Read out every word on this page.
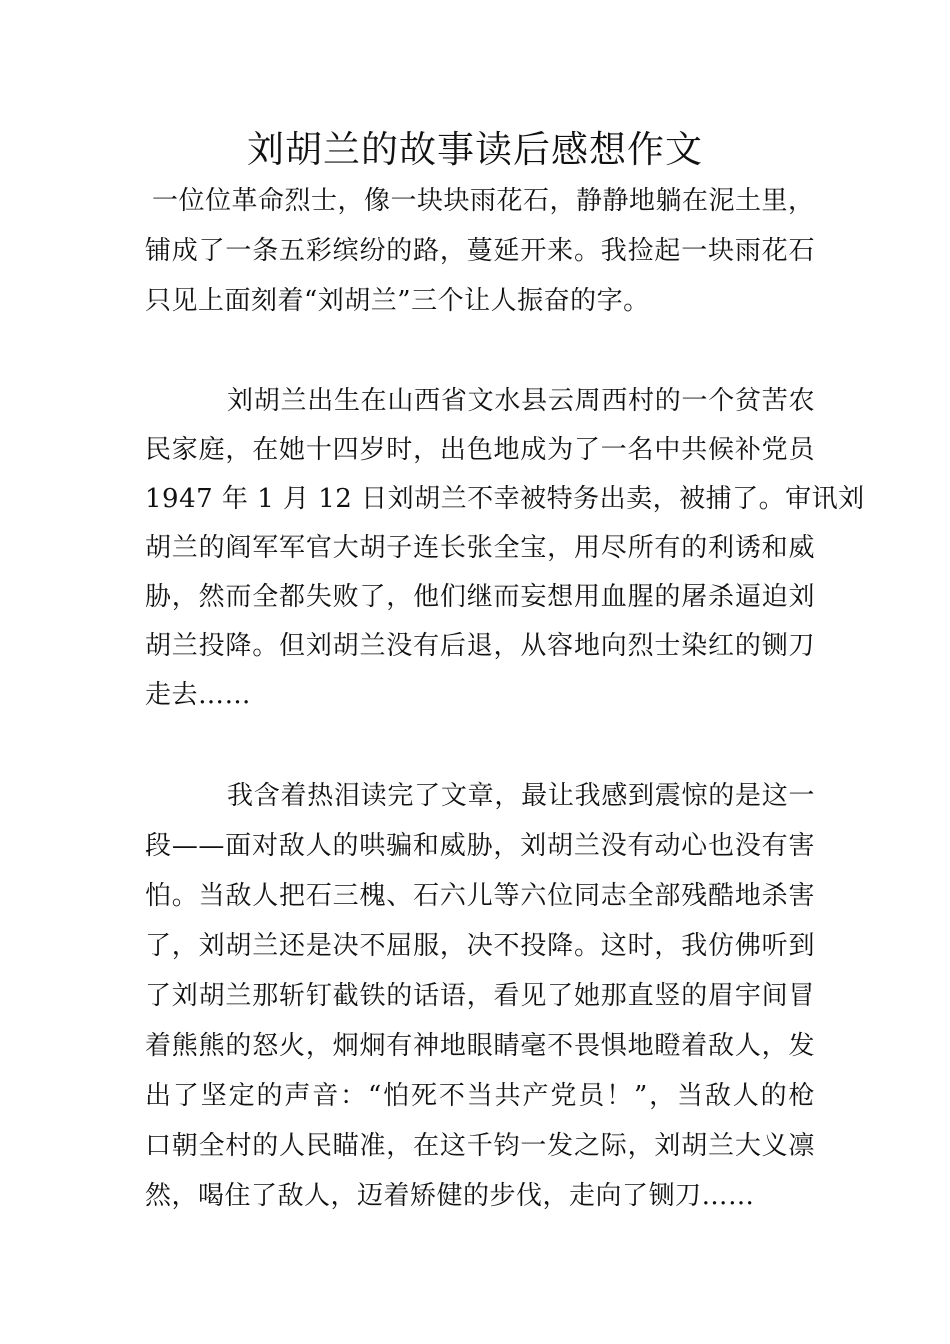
刘胡兰的故事读后感想作文
一位位革命烈士，像一块块雨花石，静静地躺在泥土里，
铺成了一条五彩缤纷的路，蔓延开来。我捡起一块雨花石
只见上面刻着“刘胡兰”三个让人振奋的字。
刘胡兰出生在山西省文水县云周西村的一个贫苦农
民家庭，在她十四岁时，出色地成为了一名中共候补党员
1947 年 1 月 12 日刘胡兰不幸被特务出卖，被捕了。审讯刘
胡兰的阎军军官大胡子连长张全宝，用尽所有的利诱和威
胁，然而全都失败了，他们继而妄想用血腥的屠杀逼迫刘
胡兰投降。但刘胡兰没有后退，从容地向烈士染红的铡刀
走去……
我含着热泪读完了文章，最让我感到震惊的是这一
段——面对敌人的哄骗和威胁，刘胡兰没有动心也没有害
怕。当敌人把石三槐、石六儿等六位同志全部残酷地杀害
了，刘胡兰还是决不屈服，决不投降。这时，我仿佛听到
了刘胡兰那斩钉截铁的话语，看见了她那直竖的眉宇间冒
着熊熊的怒火，炯炯有神地眼睛毫不畏惧地瞪着敌人，发
出了坚定的声音：“怕死不当共产党员！”，当敌人的枪
口朝全村的人民瞄准，在这千钧一发之际，刘胡兰大义凛
然，喝住了敌人，迈着矫健的步伐，走向了铡刀……
